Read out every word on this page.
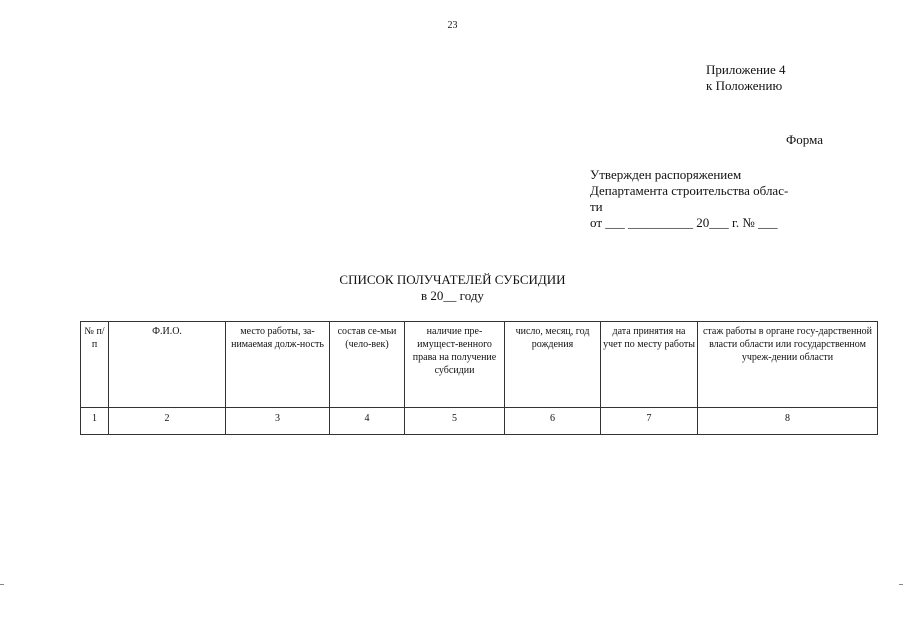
23
Приложение 4
к Положению
Форма
Утвержден распоряжением
Департамента строительства облас-
ти
от ___ __________ 20___ г. № ___
СПИСОК ПОЛУЧАТЕЛЕЙ СУБСИДИИ
в 20__ году
№ п/п	Ф.И.О.	место работы, за-нимаемая долж-ность	состав се-мьи (чело-век)	наличие пре-имущест-венного права на получение субсидии	число, месяц, год рождения	дата принятия на учет по месту работы	стаж работы в органе госу-дарственной власти области или государственном учреж-дении области
1	2	3	4	5	6	7	8
